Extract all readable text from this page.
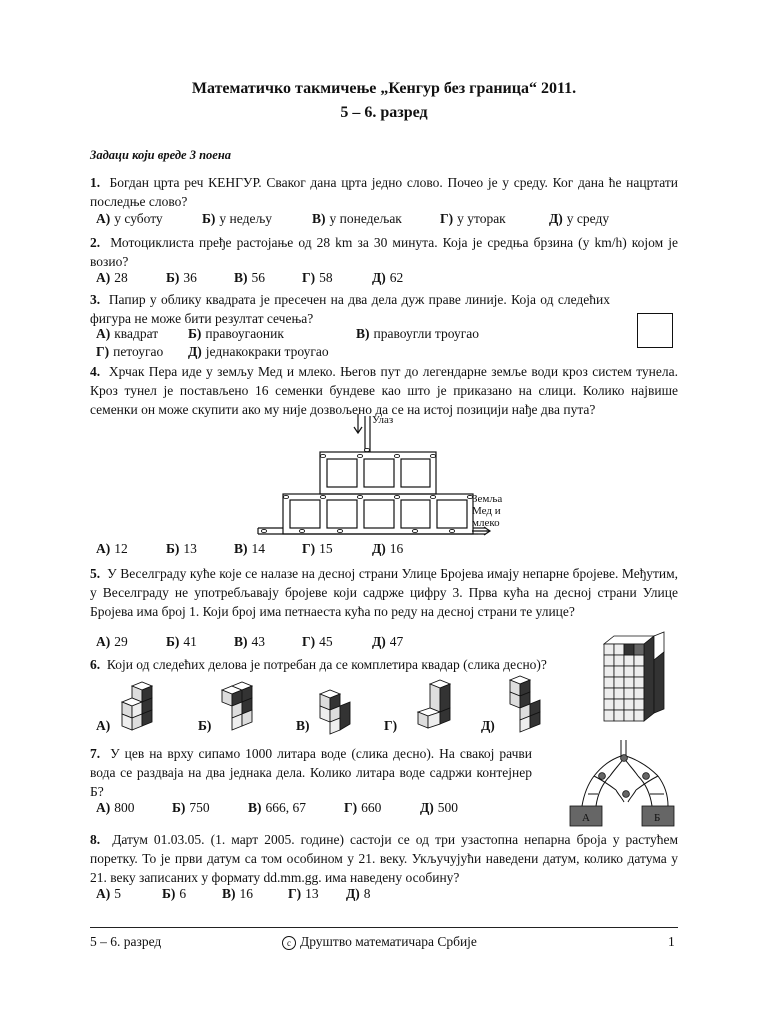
Математичко такмичење „Кенгур без граница“ 2011.
5 – 6. разред
Задаци који вреде 3 поена
1. Богдан црта реч КЕНГУР. Сваког дана црта једно слово. Почео је у среду. Ког дана ће нацртати последње слово?
А) у суботу	Б) у недељу	В) у понедељак	Г) у уторак	Д) у среду
2. Мотоциклиста пређе растојање од 28 km за 30 минута. Која је средња брзина (у km/h) којом је возио?
А) 28	Б) 36	В) 56	Г) 58	Д) 62
3. Папир у облику квадрата је пресечен на два дела дуж праве линије. Која од следећих фигура не може бити резултат сечења?
А) квадрат Б) правоугаоник	В) правоугли троугао
Г) петоугао Д) једнакокраки троугао
4. Хрчак Пера иде у земљу Мед и млеко. Његов пут до легендарне земље води кроз систем тунела. Кроз тунел је постављено 16 семенки бундеве као што је приказано на слици. Колико највише семенки он може скупити ако му није дозвољено да се на истој позицији нађе два пута?
Улаз
Земља
Мед и
млеко
А) 12	Б) 13	В) 14	Г) 15	Д) 16
5. У Веселграду куће које се налазе на десној страни Улице Бројева имају непарне бројеве. Међутим, у Веселграду не употребљавају бројеве који садрже цифру 3. Прва кућа на десној страни Улице Бројева има број 1. Који број има петнаеста кућа по реду на десној страни те улице?
А) 29	Б) 41	В) 43	Г) 45	Д) 47
6. Који од следећих делова је потребан да се комплетира квадар (слика десно)?
А)	Б)	В)	Г)	Д)
7. У цев на врху сипамо 1000 литара воде (слика десно). На свакој рачви вода се раздваја на два једнака дела. Колико литара воде садржи контејнер Б?
А) 800	Б) 750	В) 666, 67	Г) 660	Д) 500
А	Б
8. Датум 01.03.05. (1. март 2005. године) састоји се од три узастопна непарна броја у растућем поретку. То је први датум са том особином у 21. веку. Укључујући наведени датум, колико датума у 21. веку записаних у формату dd.mm.gg. има наведену особину?
А) 5	Б) 6	В) 16	Г) 13 Д) 8
5 – 6. разред	c Друштво математичара Србије	1
